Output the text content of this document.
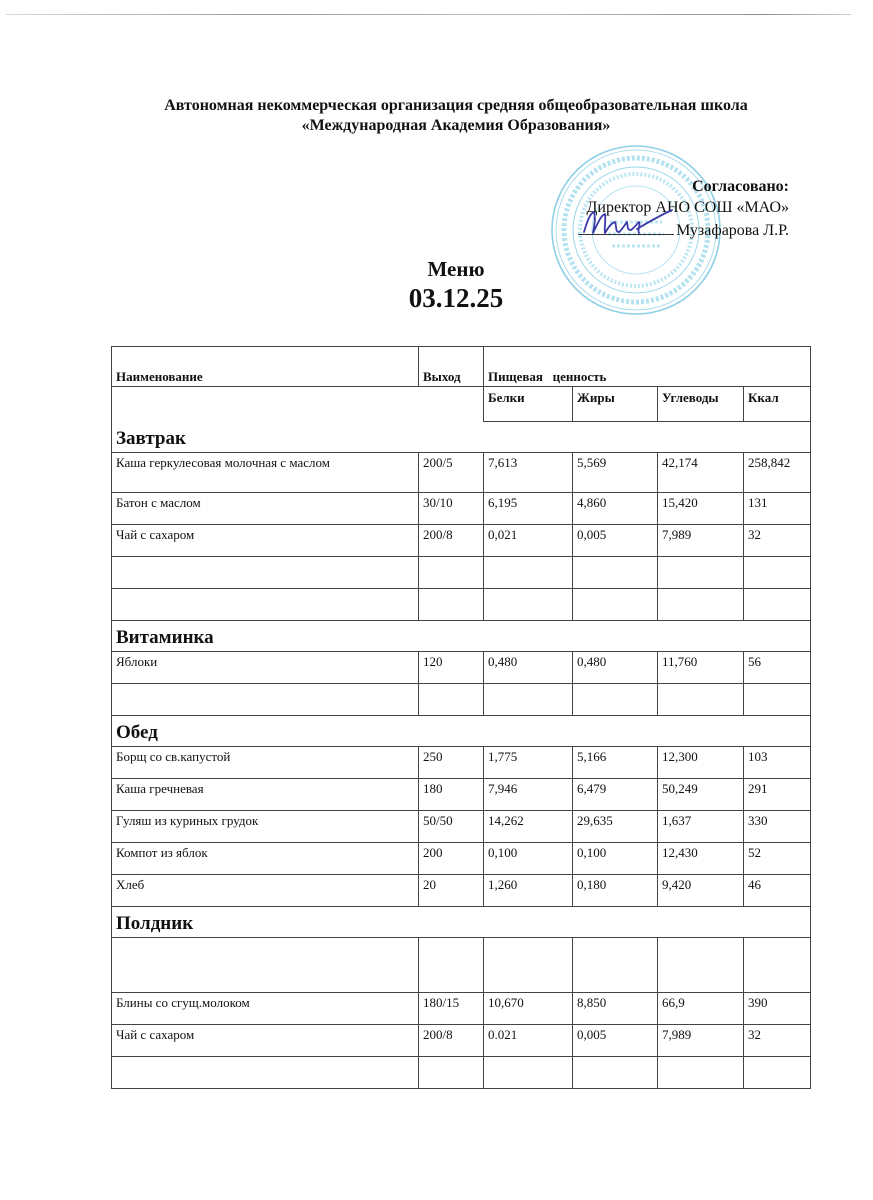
Автономная некоммерческая организация средняя общеобразовательная школа
«Международная Академия Образования»
Согласовано:
Директор АНО СОШ «МАО»
Музафарова Л.Р.
Меню
03.12.25
Наименование	Выход	Пищевая   ценность			
		Белки	Жиры	Углеводы	Ккал
Завтрак					
Каша геркулесовая молочная с маслом	200/5	7,613	5,569	42,174	258,842
Батон с маслом	30/10	6,195	4,860	15,420	131
Чай с сахаром	200/8	0,021	0,005	7,989	32

Витаминка					
Яблоки	120	0,480	0,480	11,760	56

Обед					
Борщ со св.капустой	250	1,775	5,166	12,300	103
Каша гречневая	180	7,946	6,479	50,249	291
Гуляш из куриных грудок	50/50	14,262	29,635	1,637	330
Компот из яблок	200	0,100	0,100	12,430	52
Хлеб	20	1,260	0,180	9,420	46
Полдник					

Блины со сгущ.молоком	180/15	10,670	8,850	66,9	390
Чай с сахаром	200/8	0.021	0,005	7,989	32
